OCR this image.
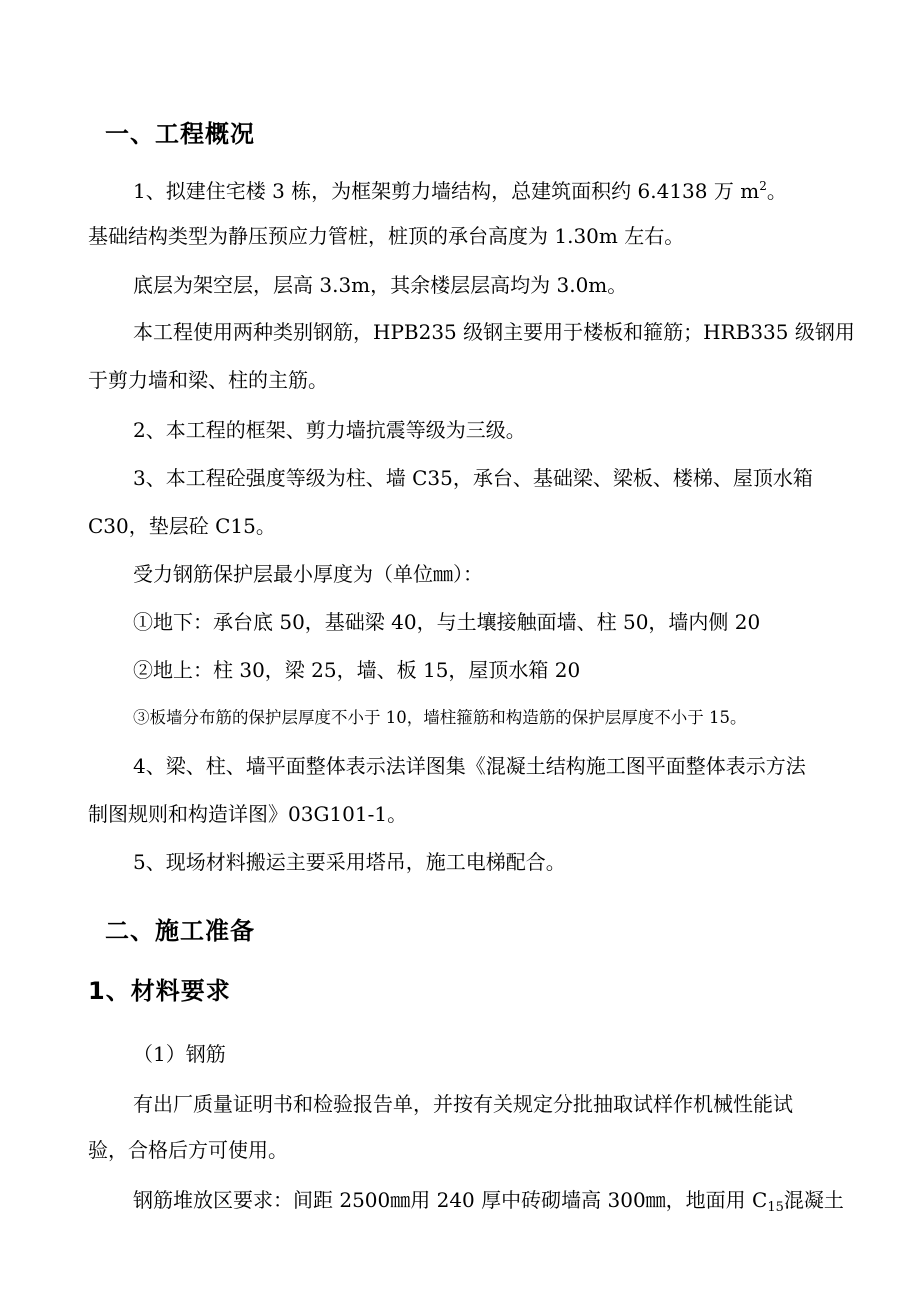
一、工程概况
1、拟建住宅楼 3 栋，为框架剪力墙结构，总建筑面积约 6.4138 万 $m^2$。
基础结构类型为静压预应力管桩，桩顶的承台高度为 1.30m 左右。
底层为架空层，层高 3.3m，其余楼层层高均为 3.0m。
本工程使用两种类别钢筋，HPB235 级钢主要用于楼板和箍筋；HRB335 级钢用
于剪力墙和梁、柱的主筋。
2、本工程的框架、剪力墙抗震等级为三级。
3、本工程砼强度等级为柱、墙 C35，承台、基础梁、梁板、楼梯、屋顶水箱
C30，垫层砼 C15。
受力钢筋保护层最小厚度为（单位㎜）：
①地下：承台底 50，基础梁 40，与土壤接触面墙、柱 50，墙内侧 20
②地上：柱 30，梁 25，墙、板 15，屋顶水箱 20
③板墙分布筋的保护层厚度不小于 10，墙柱箍筋和构造筋的保护层厚度不小于 15。
4、梁、柱、墙平面整体表示法详图集《混凝土结构施工图平面整体表示方法
制图规则和构造详图》03G101-1。
5、现场材料搬运主要采用塔吊，施工电梯配合。
二、施工准备
1、材料要求
（1）钢筋
有出厂质量证明书和检验报告单，并按有关规定分批抽取试样作机械性能试
验，合格后方可使用。
钢筋堆放区要求：间距 2500㎜用 240 厚中砖砌墙高 300㎜，地面用 $C_{15}$混凝土
